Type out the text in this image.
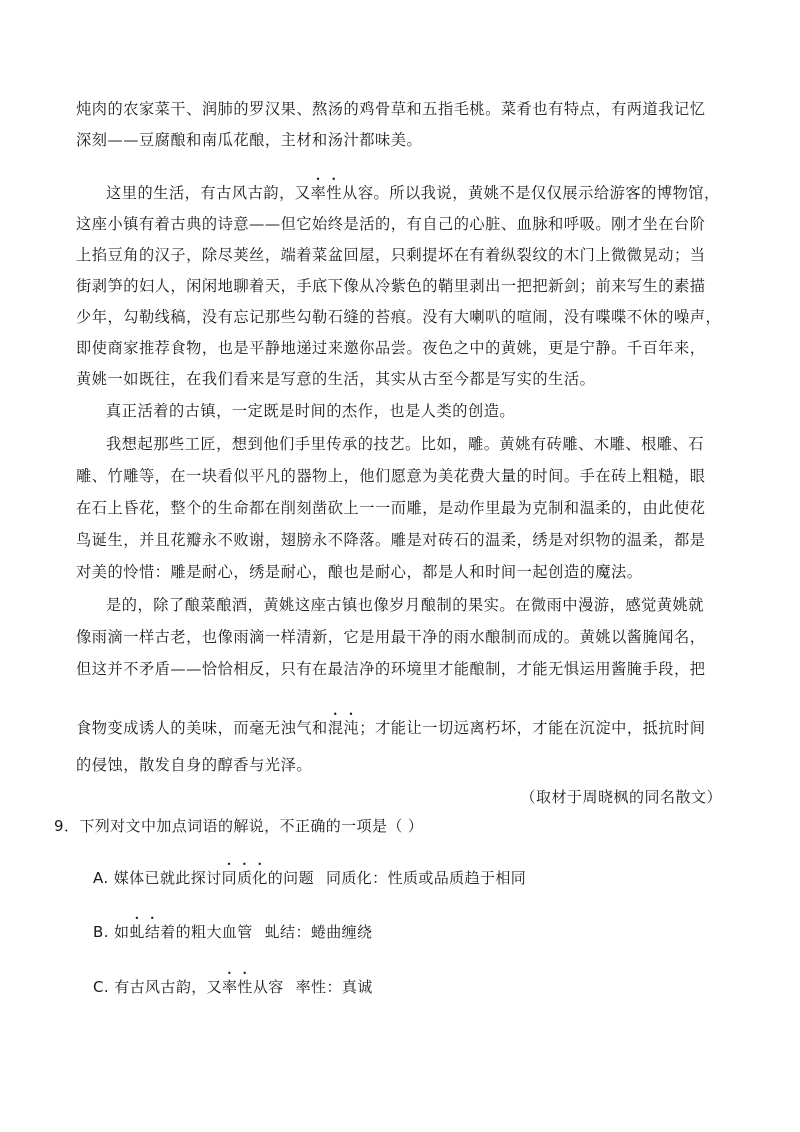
炖肉的农家菜干、润肺的罗汉果、熬汤的鸡骨草和五指毛桃。菜肴也有特点，有两道我记忆
深刻——豆腐酿和南瓜花酿，主材和汤汁都味美。
这里的生活，有古风古韵，又率性从容。所以我说，黄姚不是仅仅展示给游客的博物馆，
这座小镇有着古典的诗意——但它始终是活的，有自己的心脏、血脉和呼吸。刚才坐在台阶
上掐豆角的汉子，除尽荚丝，端着菜盆回屋，只剩提坏在有着纵裂纹的木门上微微晃动；当
街剥笋的妇人，闲闲地聊着天，手底下像从冷紫色的鞘里剥出一把把新剑；前来写生的素描
少年，勾勒线稿，没有忘记那些勾勒石缝的苔痕。没有大喇叭的喧闹，没有喋喋不休的噪声，
即使商家推荐食物，也是平静地递过来邀你品尝。夜色之中的黄姚，更是宁静。千百年来，
黄姚一如既往，在我们看来是写意的生活，其实从古至今都是写实的生活。
真正活着的古镇，一定既是时间的杰作，也是人类的创造。
我想起那些工匠，想到他们手里传承的技艺。比如，雕。黄姚有砖雕、木雕、根雕、石
雕、竹雕等，在一块看似平凡的器物上，他们愿意为美花费大量的时间。手在砖上粗糙，眼
在石上昏花，整个的生命都在削刻凿砍上一一而雕，是动作里最为克制和温柔的，由此使花
鸟诞生，并且花瓣永不败谢，翅膀永不降落。雕是对砖石的温柔，绣是对织物的温柔，都是
对美的怜惜：雕是耐心，绣是耐心，酿也是耐心，都是人和时间一起创造的魔法。
是的，除了酿菜酿酒，黄姚这座古镇也像岁月酿制的果实。在微雨中漫游，感觉黄姚就
像雨滴一样古老，也像雨滴一样清新，它是用最干净的雨水酿制而成的。黄姚以酱腌闻名，
但这并不矛盾——恰恰相反，只有在最洁净的环境里才能酿制，才能无惧运用酱腌手段，把
食物变成诱人的美味，而毫无浊气和混沌；才能让一切远离朽坏，才能在沉淀中，抵抗时间
的侵蚀，散发自身的醇香与光泽。
（取材于周晓枫的同名散文）
9．下列对文中加点词语的解说，不正确的一项是（ ）
A. 媒体已就此探讨同质化的问题 同质化：性质或品质趋于相同
B. 如虬结着的粗大血管 虬结：蜷曲缠绕
C. 有古风古韵，又率性从容 率性：真诚
